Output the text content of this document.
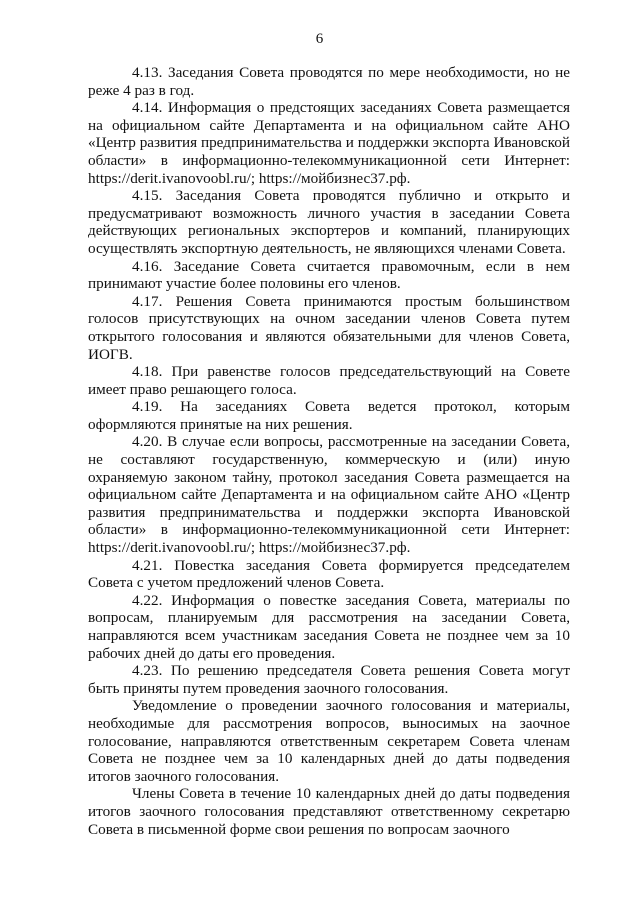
6

4.13. Заседания Совета проводятся по мере необходимости, но не реже 4 раз в год.

4.14. Информация о предстоящих заседаниях Совета размещается на официальном сайте Департамента и на официальном сайте АНО «Центр развития предпринимательства и поддержки экспорта Ивановской области» в информационно-телекоммуникационной сети Интернет: https://derit.ivanovoobl.ru/; https://мойбизнес37.рф.

4.15. Заседания Совета проводятся публично и открыто и предусматривают возможность личного участия в заседании Совета действующих региональных экспортеров и компаний, планирующих осуществлять экспортную деятельность, не являющихся членами Совета.

4.16. Заседание Совета считается правомочным, если в нем принимают участие более половины его членов.

4.17. Решения Совета принимаются простым большинством голосов присутствующих на очном заседании членов Совета путем открытого голосования и являются обязательными для членов Совета, ИОГВ.

4.18. При равенстве голосов председательствующий на Совете имеет право решающего голоса.

4.19. На заседаниях Совета ведется протокол, которым оформляются принятые на них решения.

4.20. В случае если вопросы, рассмотренные на заседании Совета, не составляют государственную, коммерческую и (или) иную охраняемую законом тайну, протокол заседания Совета размещается на официальном сайте Департамента и на официальном сайте АНО «Центр развития предпринимательства и поддержки экспорта Ивановской области» в информационно-телекоммуникационной сети Интернет: https://derit.ivanovoobl.ru/; https://мойбизнес37.рф.

4.21. Повестка заседания Совета формируется председателем Совета с учетом предложений членов Совета.

4.22. Информация о повестке заседания Совета, материалы по вопросам, планируемым для рассмотрения на заседании Совета, направляются всем участникам заседания Совета не позднее чем за 10 рабочих дней до даты его проведения.

4.23. По решению председателя Совета решения Совета могут быть приняты путем проведения заочного голосования.

Уведомление о проведении заочного голосования и материалы, необходимые для рассмотрения вопросов, выносимых на заочное голосование, направляются ответственным секретарем Совета членам Совета не позднее чем за 10 календарных дней до даты подведения итогов заочного голосования.

Члены Совета в течение 10 календарных дней до даты подведения итогов заочного голосования представляют ответственному секретарю Совета в письменной форме свои решения по вопросам заочного
